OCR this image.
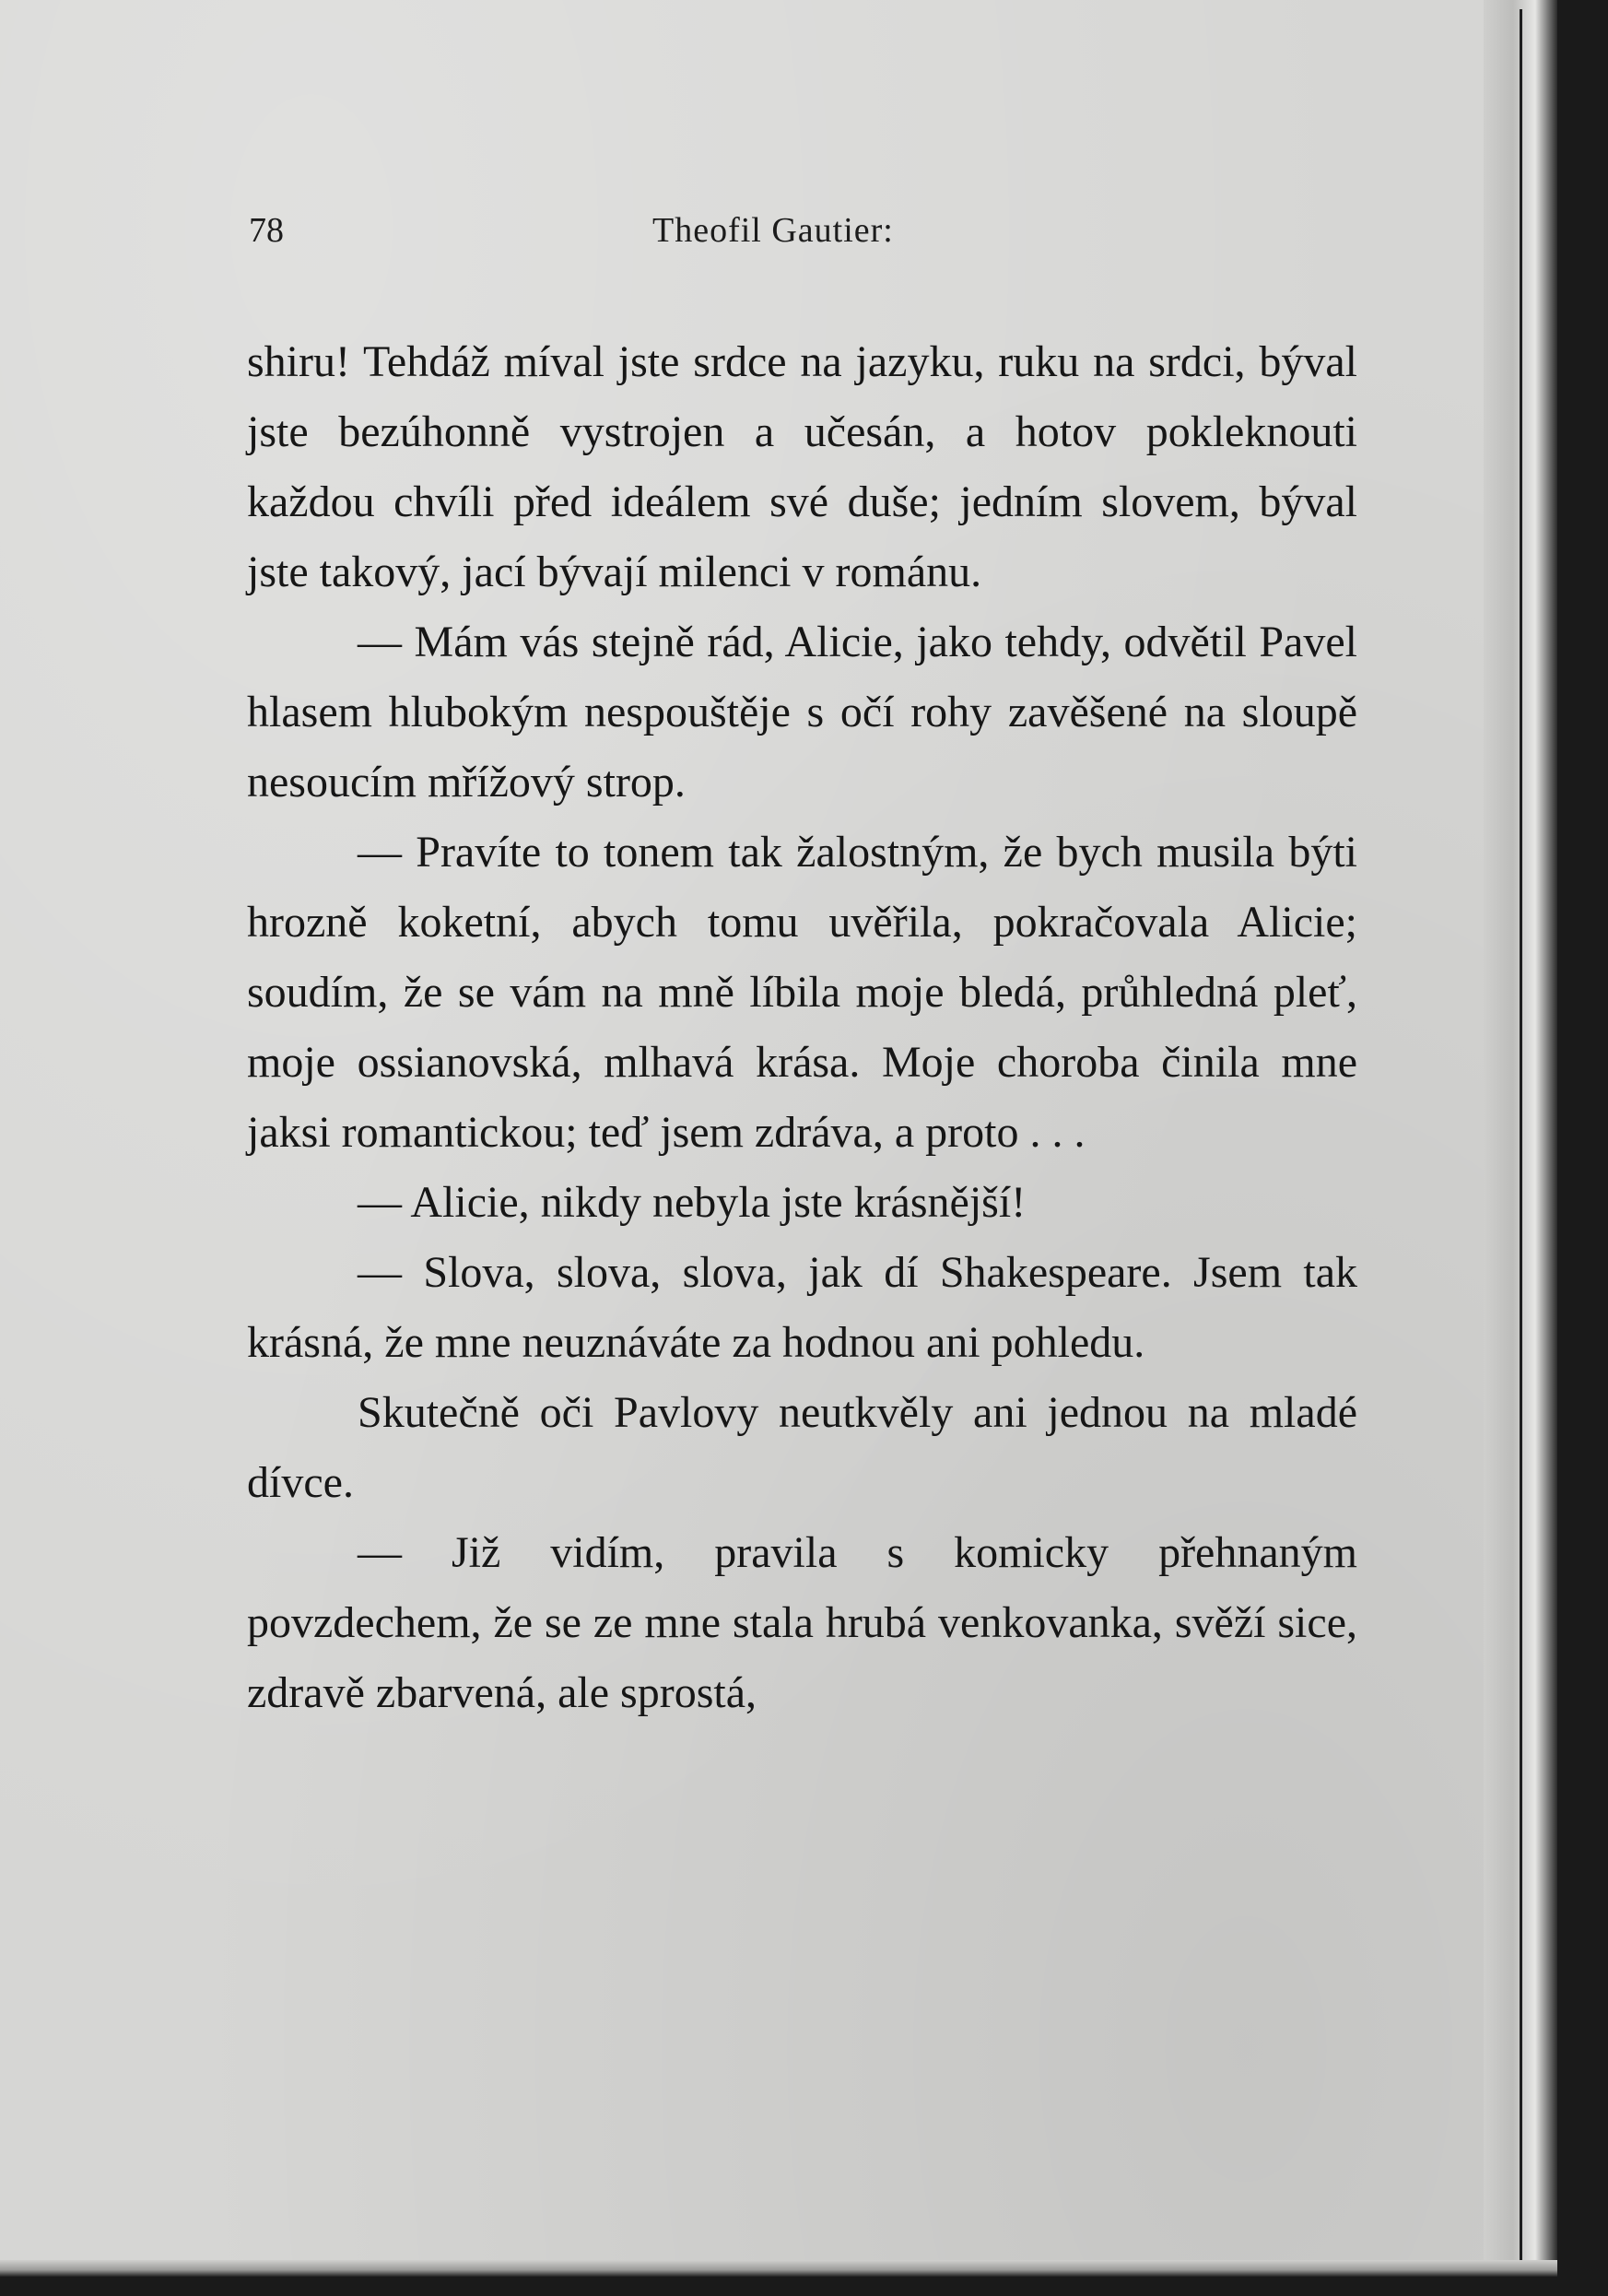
78	Theofil Gautier:

shiru! Tehdáž míval jste srdce na jazyku, ruku na srdci, býval jste bezúhonně vystrojen a učesán, a hotov pokleknouti každou chvíli před ideálem své duše; jedním slovem, býval jste takový, jací bývají milenci v románu.

— Mám vás stejně rád, Alicie, jako tehdy, odvětil Pavel hlasem hlubokým nespouštěje s očí rohy zavěšené na sloupě nesoucím mřížový strop.

— Pravíte to tonem tak žalostným, že bych musila býti hrozně koketní, abych tomu uvěřila, pokračovala Alicie; soudím, že se vám na mně líbila moje bledá, průhledná pleť, moje ossianovská, mlhavá krása. Moje choroba činila mne jaksi romantickou; teď jsem zdráva, a proto . . .

— Alicie, nikdy nebyla jste krásnější!

— Slova, slova, slova, jak dí Shakespeare. Jsem tak krásná, že mne neuznáváte za hodnou ani pohledu.

Skutečně oči Pavlovy neutkvěly ani jednou na mladé dívce.

— Již vidím, pravila s komicky přehnaným povzdechem, že se ze mne stala hrubá venkovanka, svěží sice, zdravě zbarvená, ale sprostá,
